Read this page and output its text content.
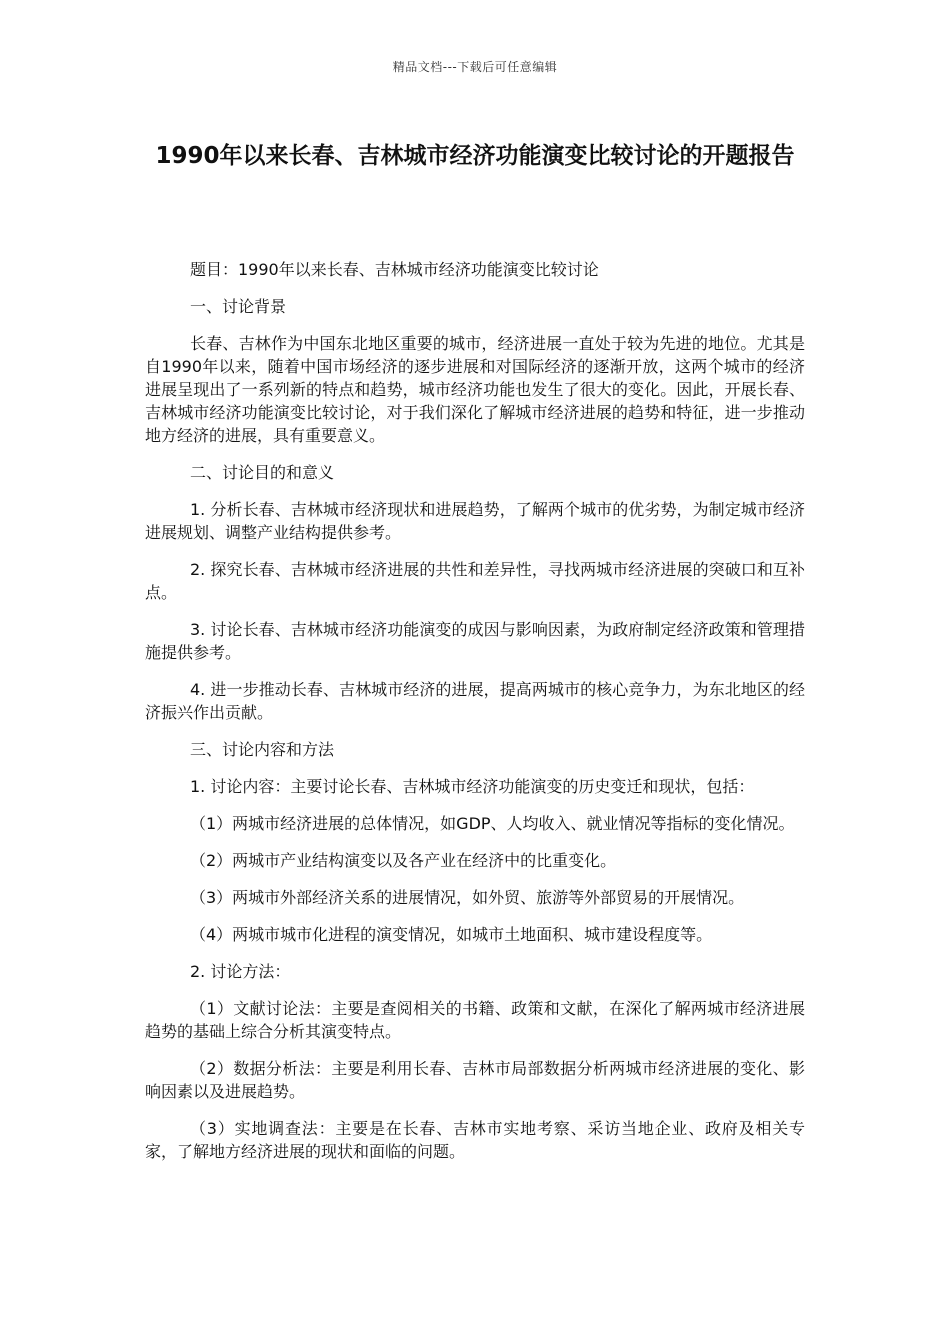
精品文档---下载后可任意编辑
1990年以来长春、吉林城市经济功能演变比较讨论的开题报告

题目：1990年以来长春、吉林城市经济功能演变比较讨论

一、讨论背景

长春、吉林作为中国东北地区重要的城市，经济进展一直处于较为先进的地位。尤其是自1990年以来，随着中国市场经济的逐步进展和对国际经济的逐渐开放，这两个城市的经济进展呈现出了一系列新的特点和趋势，城市经济功能也发生了很大的变化。因此，开展长春、吉林城市经济功能演变比较讨论，对于我们深化了解城市经济进展的趋势和特征，进一步推动地方经济的进展，具有重要意义。

二、讨论目的和意义

1. 分析长春、吉林城市经济现状和进展趋势，了解两个城市的优劣势，为制定城市经济进展规划、调整产业结构提供参考。

2. 探究长春、吉林城市经济进展的共性和差异性，寻找两城市经济进展的突破口和互补点。

3. 讨论长春、吉林城市经济功能演变的成因与影响因素，为政府制定经济政策和管理措施提供参考。

4. 进一步推动长春、吉林城市经济的进展，提高两城市的核心竞争力，为东北地区的经济振兴作出贡献。

三、讨论内容和方法

1. 讨论内容：主要讨论长春、吉林城市经济功能演变的历史变迁和现状，包括：

（1）两城市经济进展的总体情况，如GDP、人均收入、就业情况等指标的变化情况。

（2）两城市产业结构演变以及各产业在经济中的比重变化。

（3）两城市外部经济关系的进展情况，如外贸、旅游等外部贸易的开展情况。

（4）两城市城市化进程的演变情况，如城市土地面积、城市建设程度等。

2. 讨论方法：

（1）文献讨论法：主要是查阅相关的书籍、政策和文献，在深化了解两城市经济进展趋势的基础上综合分析其演变特点。

（2）数据分析法：主要是利用长春、吉林市局部数据分析两城市经济进展的变化、影响因素以及进展趋势。

（3）实地调查法：主要是在长春、吉林市实地考察、采访当地企业、政府及相关专家，了解地方经济进展的现状和面临的问题。
